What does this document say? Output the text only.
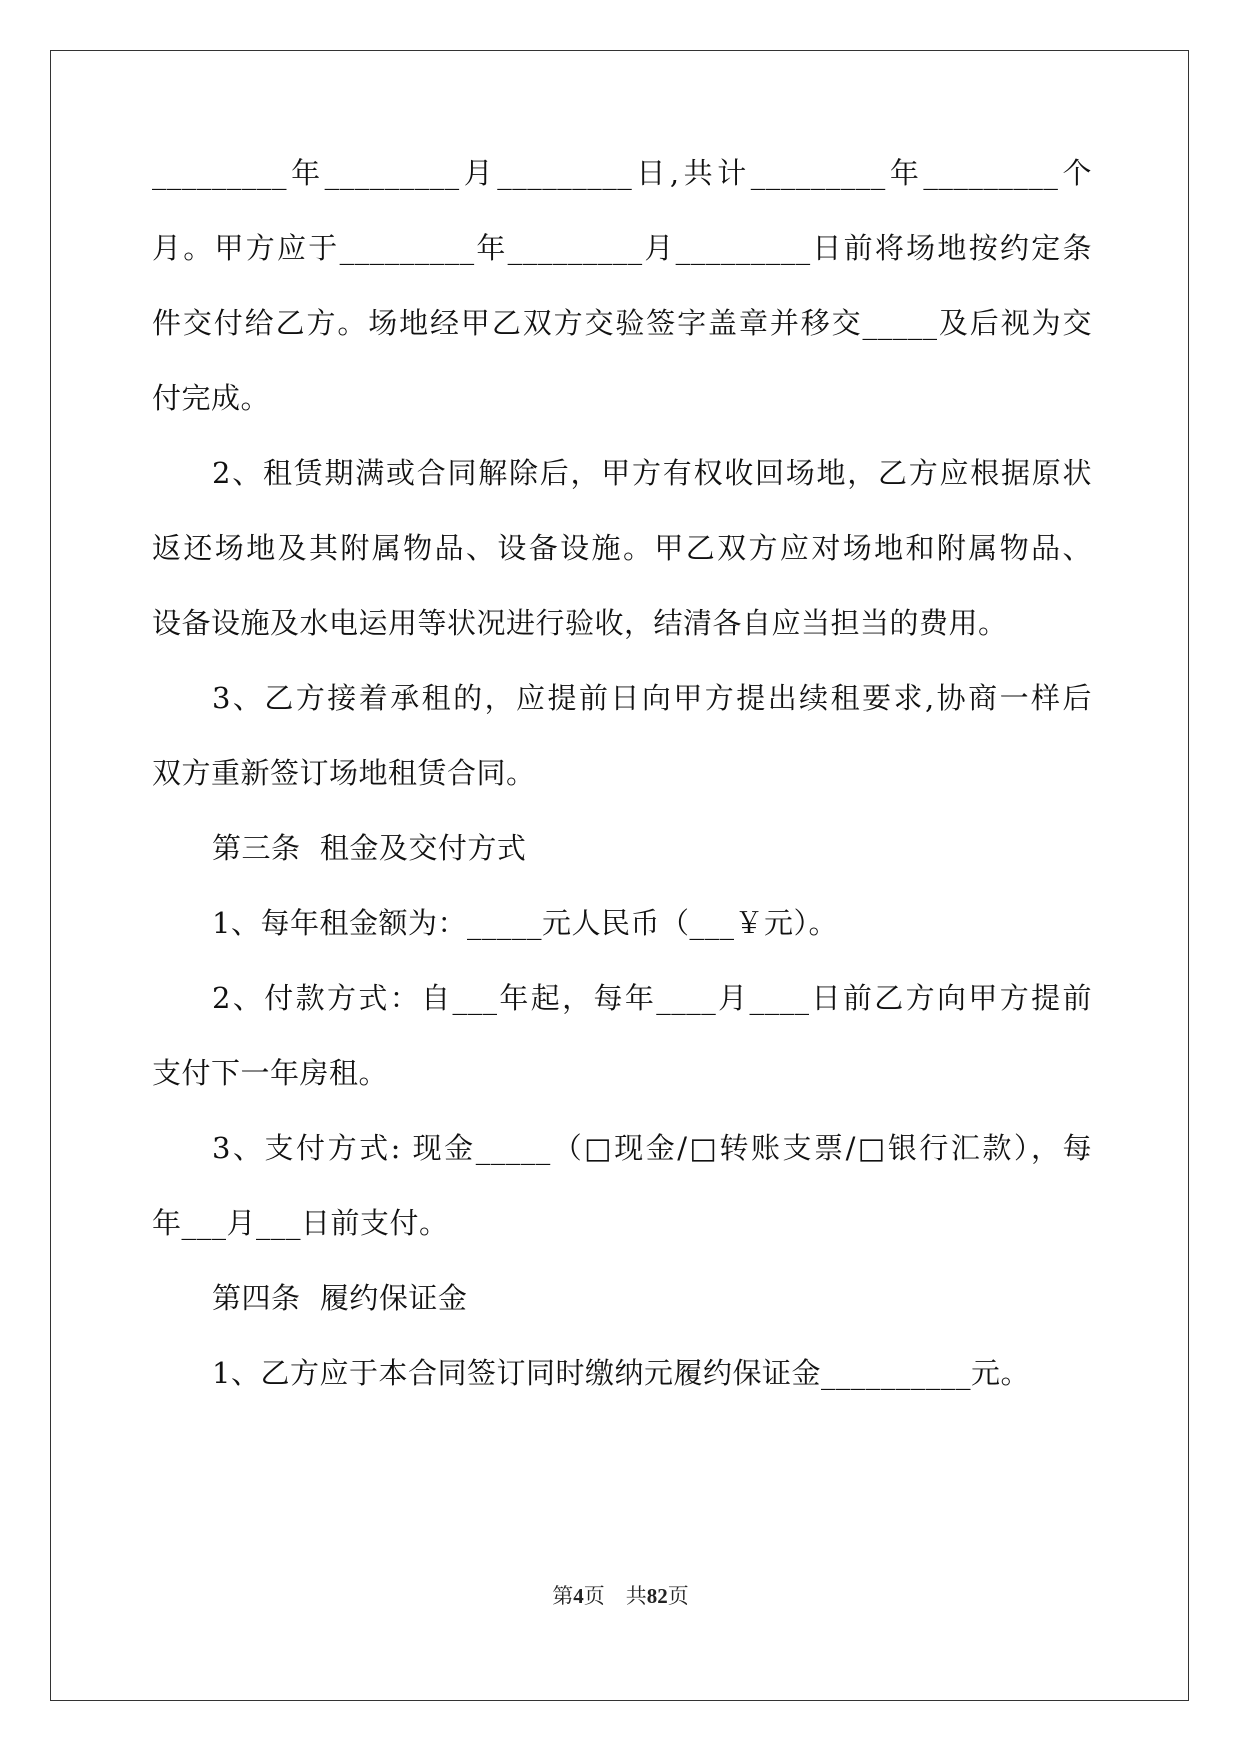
_________年_________月_________日,共计_________年_________个
月。甲方应于_________年_________月_________日前将场地按约定条
件交付给乙方。场地经甲乙双方交验签字盖章并移交_____及后视为交
付完成。
2、租赁期满或合同解除后，甲方有权收回场地，乙方应根据原状
返还场地及其附属物品、设备设施。甲乙双方应对场地和附属物品、
设备设施及水电运用等状况进行验收，结清各自应当担当的费用。
3、乙方接着承租的，应提前日向甲方提出续租要求,协商一样后
双方重新签订场地租赁合同。
第三条  租金及交付方式
1、每年租金额为：_____元人民币（___￥元）。
2、付款方式：自___年起，每年____月____日前乙方向甲方提前
支付下一年房租。
3、支付方式: 现金_____（□现金/□转账支票/□银行汇款），每
年___月___日前支付。
第四条  履约保证金
1、乙方应于本合同签订同时缴纳元履约保证金__________元。
第4页　共82页
